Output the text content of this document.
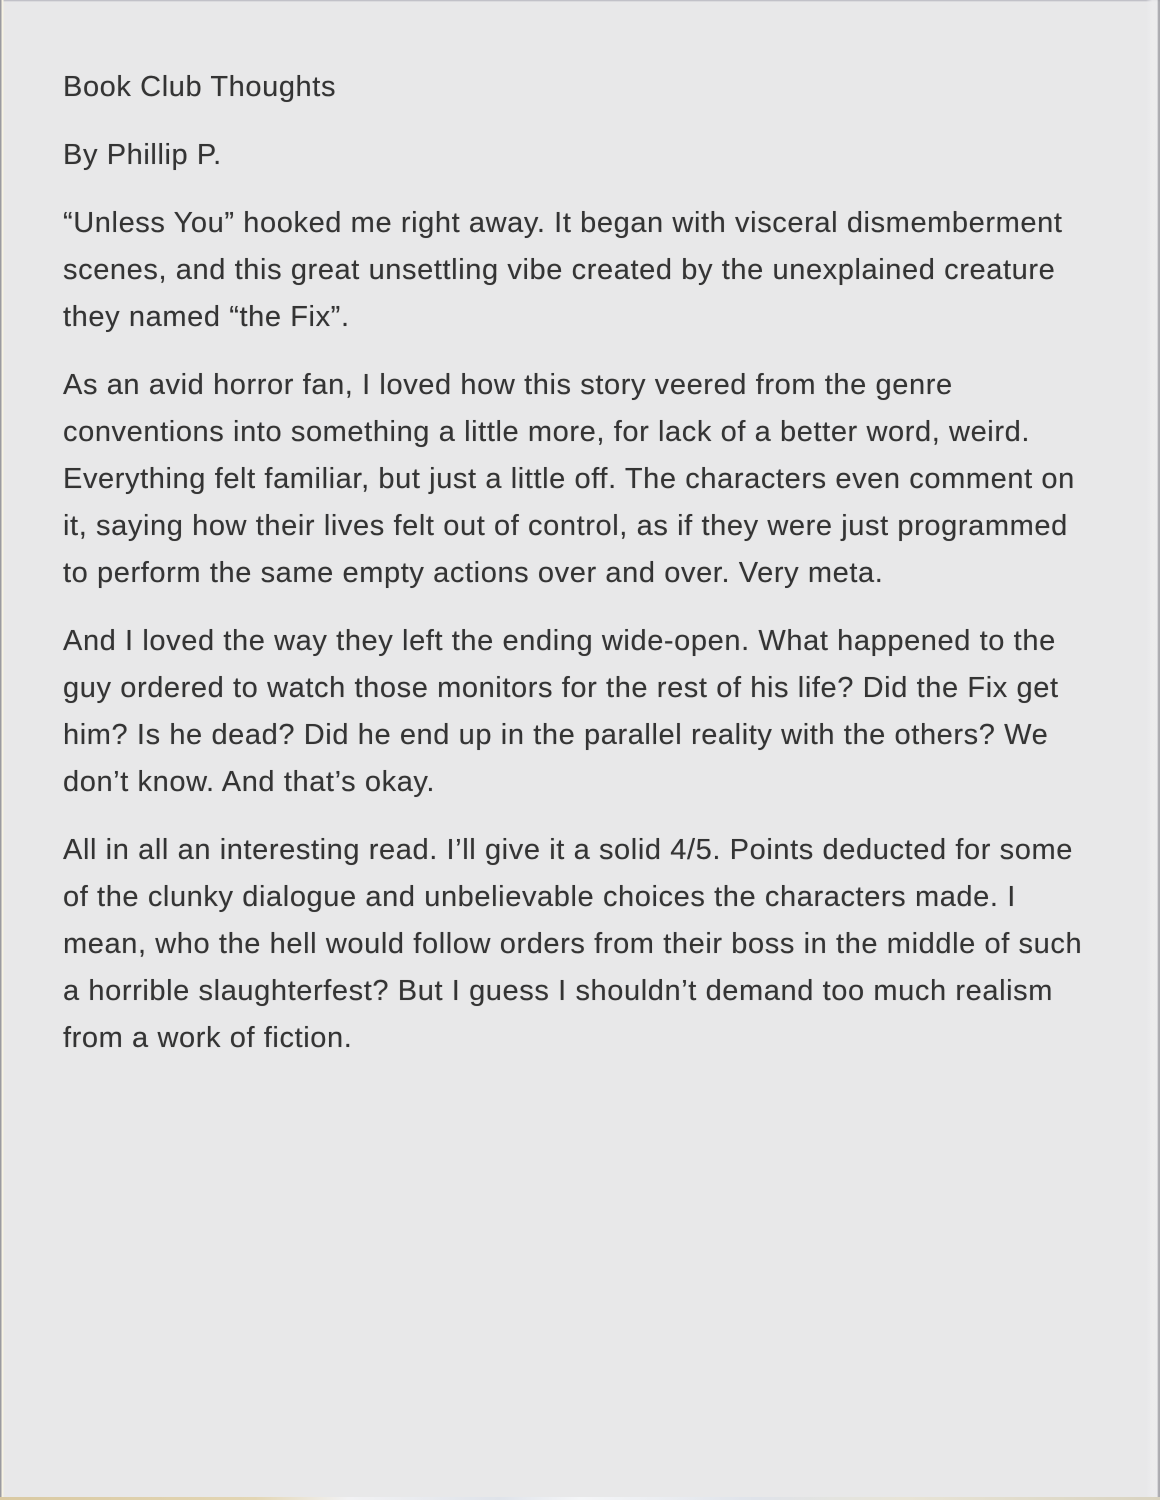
Book Club Thoughts

By Phillip P.

“Unless You” hooked me right away. It began with visceral dismemberment scenes, and this great unsettling vibe created by the unexplained creature they named “the Fix”.

As an avid horror fan, I loved how this story veered from the genre conventions into something a little more, for lack of a better word, weird. Everything felt familiar, but just a little off. The characters even comment on it, saying how their lives felt out of control, as if they were just programmed to perform the same empty actions over and over. Very meta.

And I loved the way they left the ending wide-open. What happened to the guy ordered to watch those monitors for the rest of his life? Did the Fix get him? Is he dead? Did he end up in the parallel reality with the others? We don’t know. And that’s okay.

All in all an interesting read. I’ll give it a solid 4/5. Points deducted for some of the clunky dialogue and unbelievable choices the characters made. I mean, who the hell would follow orders from their boss in the middle of such a horrible slaughterfest? But I guess I shouldn’t demand too much realism from a work of fiction.
